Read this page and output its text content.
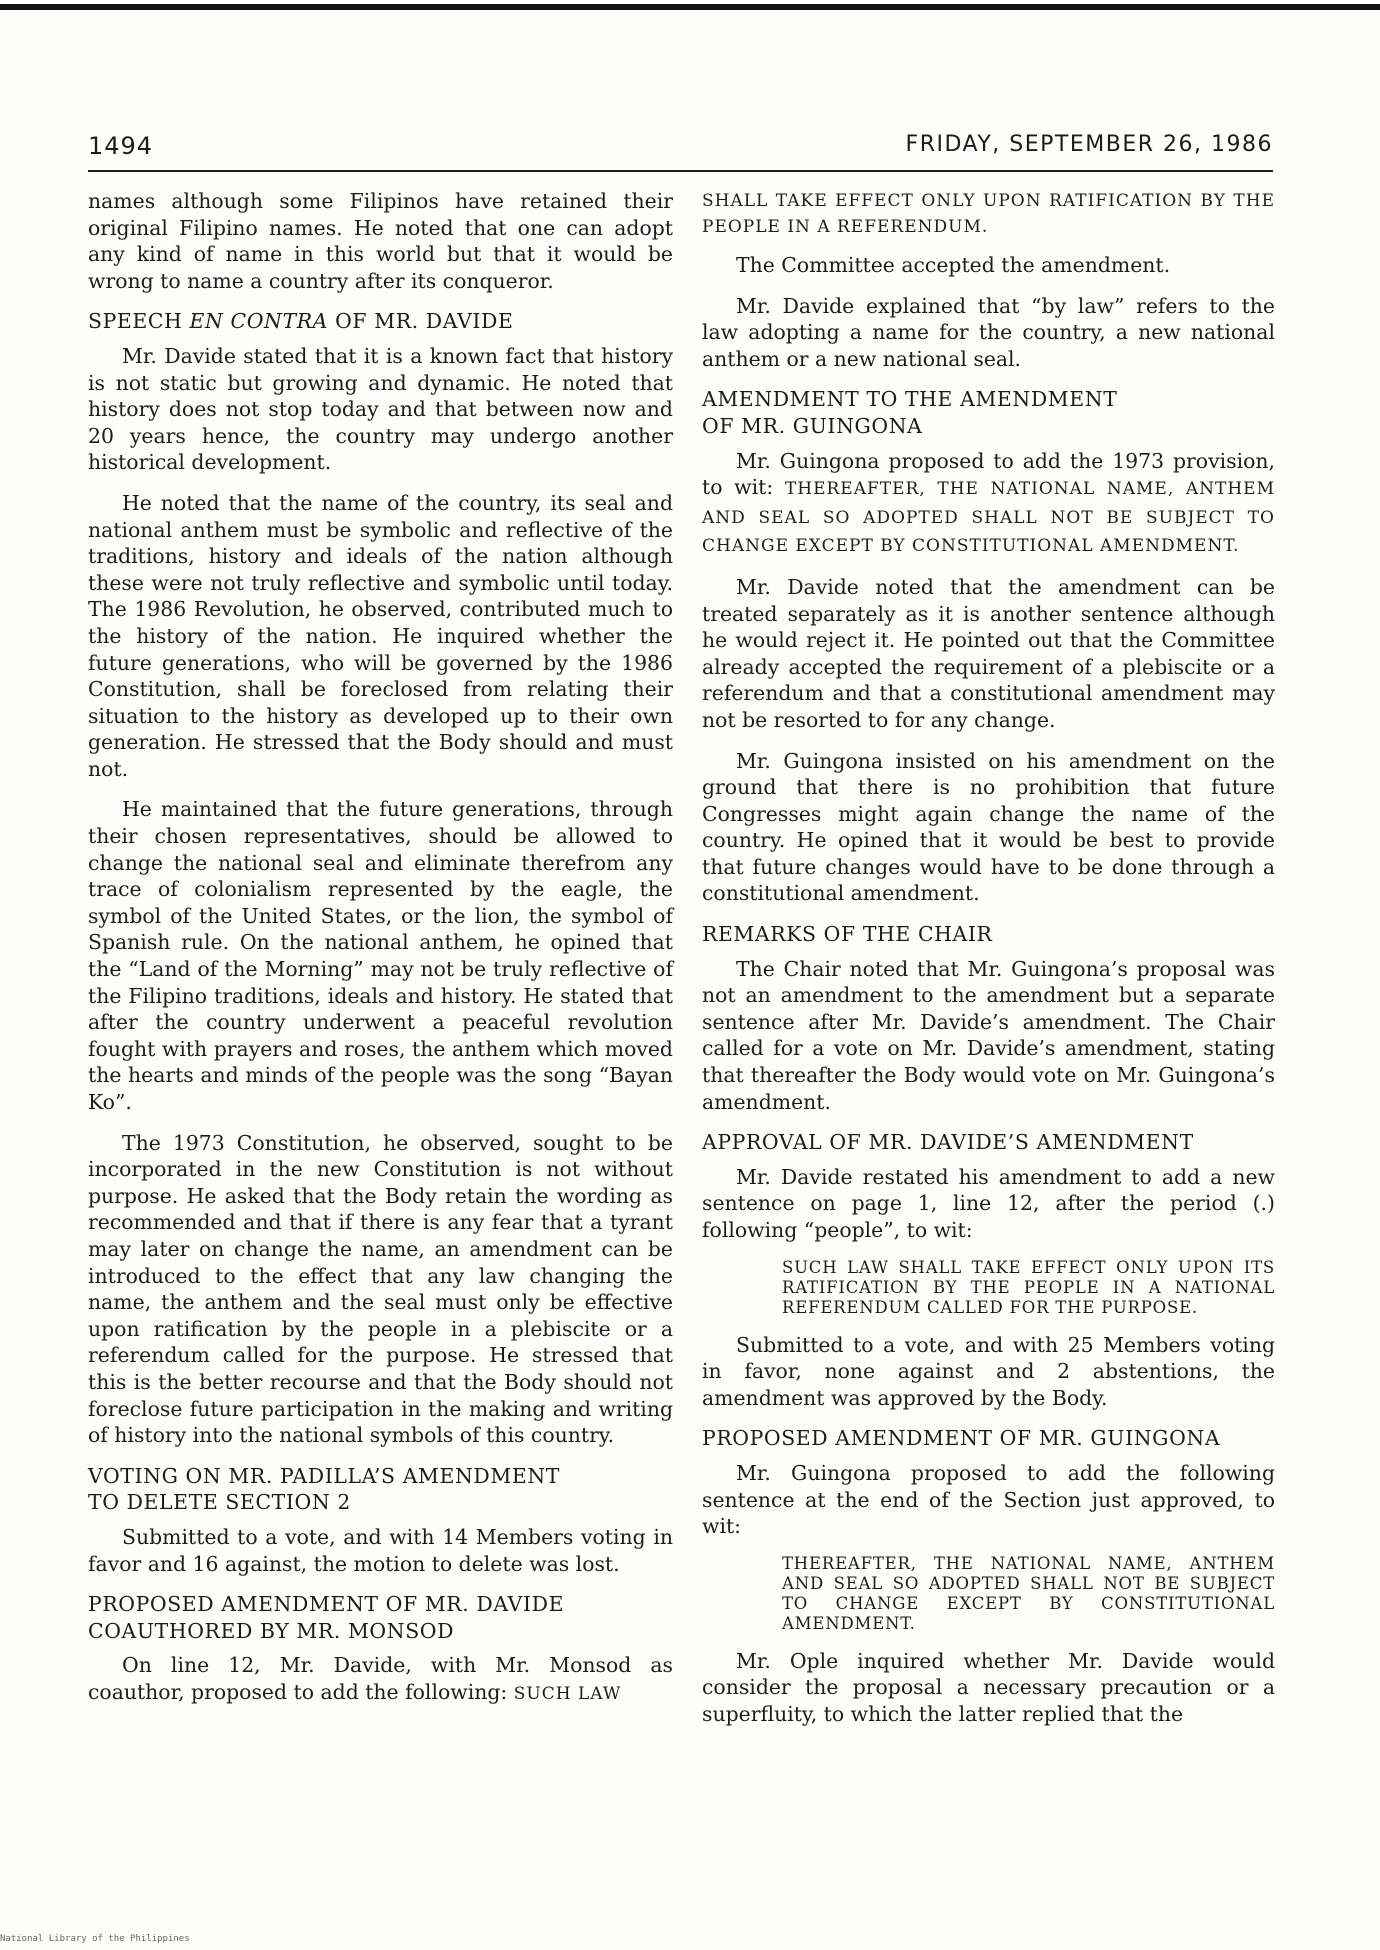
1494	FRIDAY, SEPTEMBER 26, 1986

names although some Filipinos have retained their original Filipino names. He noted that one can adopt any kind of name in this world but that it would be wrong to name a country after its conqueror.

SPEECH EN CONTRA OF MR. DAVIDE

Mr. Davide stated that it is a known fact that history is not static but growing and dynamic. He noted that history does not stop today and that between now and 20 years hence, the country may undergo another historical development.

He noted that the name of the country, its seal and national anthem must be symbolic and reflective of the traditions, history and ideals of the nation although these were not truly reflective and symbolic until today. The 1986 Revolution, he observed, contributed much to the history of the nation. He inquired whether the future generations, who will be governed by the 1986 Constitution, shall be foreclosed from relating their situation to the history as developed up to their own generation. He stressed that the Body should and must not.

He maintained that the future generations, through their chosen representatives, should be allowed to change the national seal and eliminate therefrom any trace of colonialism represented by the eagle, the symbol of the United States, or the lion, the symbol of Spanish rule. On the national anthem, he opined that the “Land of the Morning” may not be truly reflective of the Filipino traditions, ideals and history. He stated that after the country underwent a peaceful revolution fought with prayers and roses, the anthem which moved the hearts and minds of the people was the song “Bayan Ko”.

The 1973 Constitution, he observed, sought to be incorporated in the new Constitution is not without purpose. He asked that the Body retain the wording as recommended and that if there is any fear that a tyrant may later on change the name, an amendment can be introduced to the effect that any law changing the name, the anthem and the seal must only be effective upon ratification by the people in a plebiscite or a referendum called for the purpose. He stressed that this is the better recourse and that the Body should not foreclose future participation in the making and writing of history into the national symbols of this country.

VOTING ON MR. PADILLA’S AMENDMENT
TO DELETE SECTION 2

Submitted to a vote, and with 14 Members voting in favor and 16 against, the motion to delete was lost.

PROPOSED AMENDMENT OF MR. DAVIDE
COAUTHORED BY MR. MONSOD

On line 12, Mr. Davide, with Mr. Monsod as coauthor, proposed to add the following: SUCH LAW

SHALL TAKE EFFECT ONLY UPON RATIFICATION BY THE PEOPLE IN A REFERENDUM.

The Committee accepted the amendment.

Mr. Davide explained that “by law” refers to the law adopting a name for the country, a new national anthem or a new national seal.

AMENDMENT TO THE AMENDMENT
OF MR. GUINGONA

Mr. Guingona proposed to add the 1973 provision, to wit: THEREAFTER, THE NATIONAL NAME, ANTHEM AND SEAL SO ADOPTED SHALL NOT BE SUBJECT TO CHANGE EXCEPT BY CONSTITUTIONAL AMENDMENT.

Mr. Davide noted that the amendment can be treated separately as it is another sentence although he would reject it. He pointed out that the Committee already accepted the requirement of a plebiscite or a referendum and that a constitutional amendment may not be resorted to for any change.

Mr. Guingona insisted on his amendment on the ground that there is no prohibition that future Congresses might again change the name of the country. He opined that it would be best to provide that future changes would have to be done through a constitutional amendment.

REMARKS OF THE CHAIR

The Chair noted that Mr. Guingona’s proposal was not an amendment to the amendment but a separate sentence after Mr. Davide’s amendment. The Chair called for a vote on Mr. Davide’s amendment, stating that thereafter the Body would vote on Mr. Guingona’s amendment.

APPROVAL OF MR. DAVIDE’S AMENDMENT

Mr. Davide restated his amendment to add a new sentence on page 1, line 12, after the period (.) following “people”, to wit:

SUCH LAW SHALL TAKE EFFECT ONLY UPON ITS RATIFICATION BY THE PEOPLE IN A NATIONAL REFERENDUM CALLED FOR THE PURPOSE.

Submitted to a vote, and with 25 Members voting in favor, none against and 2 abstentions, the amendment was approved by the Body.

PROPOSED AMENDMENT OF MR. GUINGONA

Mr. Guingona proposed to add the following sentence at the end of the Section just approved, to wit:

THEREAFTER, THE NATIONAL NAME, ANTHEM AND SEAL SO ADOPTED SHALL NOT BE SUBJECT TO CHANGE EXCEPT BY CONSTITUTIONAL AMENDMENT.

Mr. Ople inquired whether Mr. Davide would consider the proposal a necessary precaution or a superfluity, to which the latter replied that the

National Library of the Philippines
